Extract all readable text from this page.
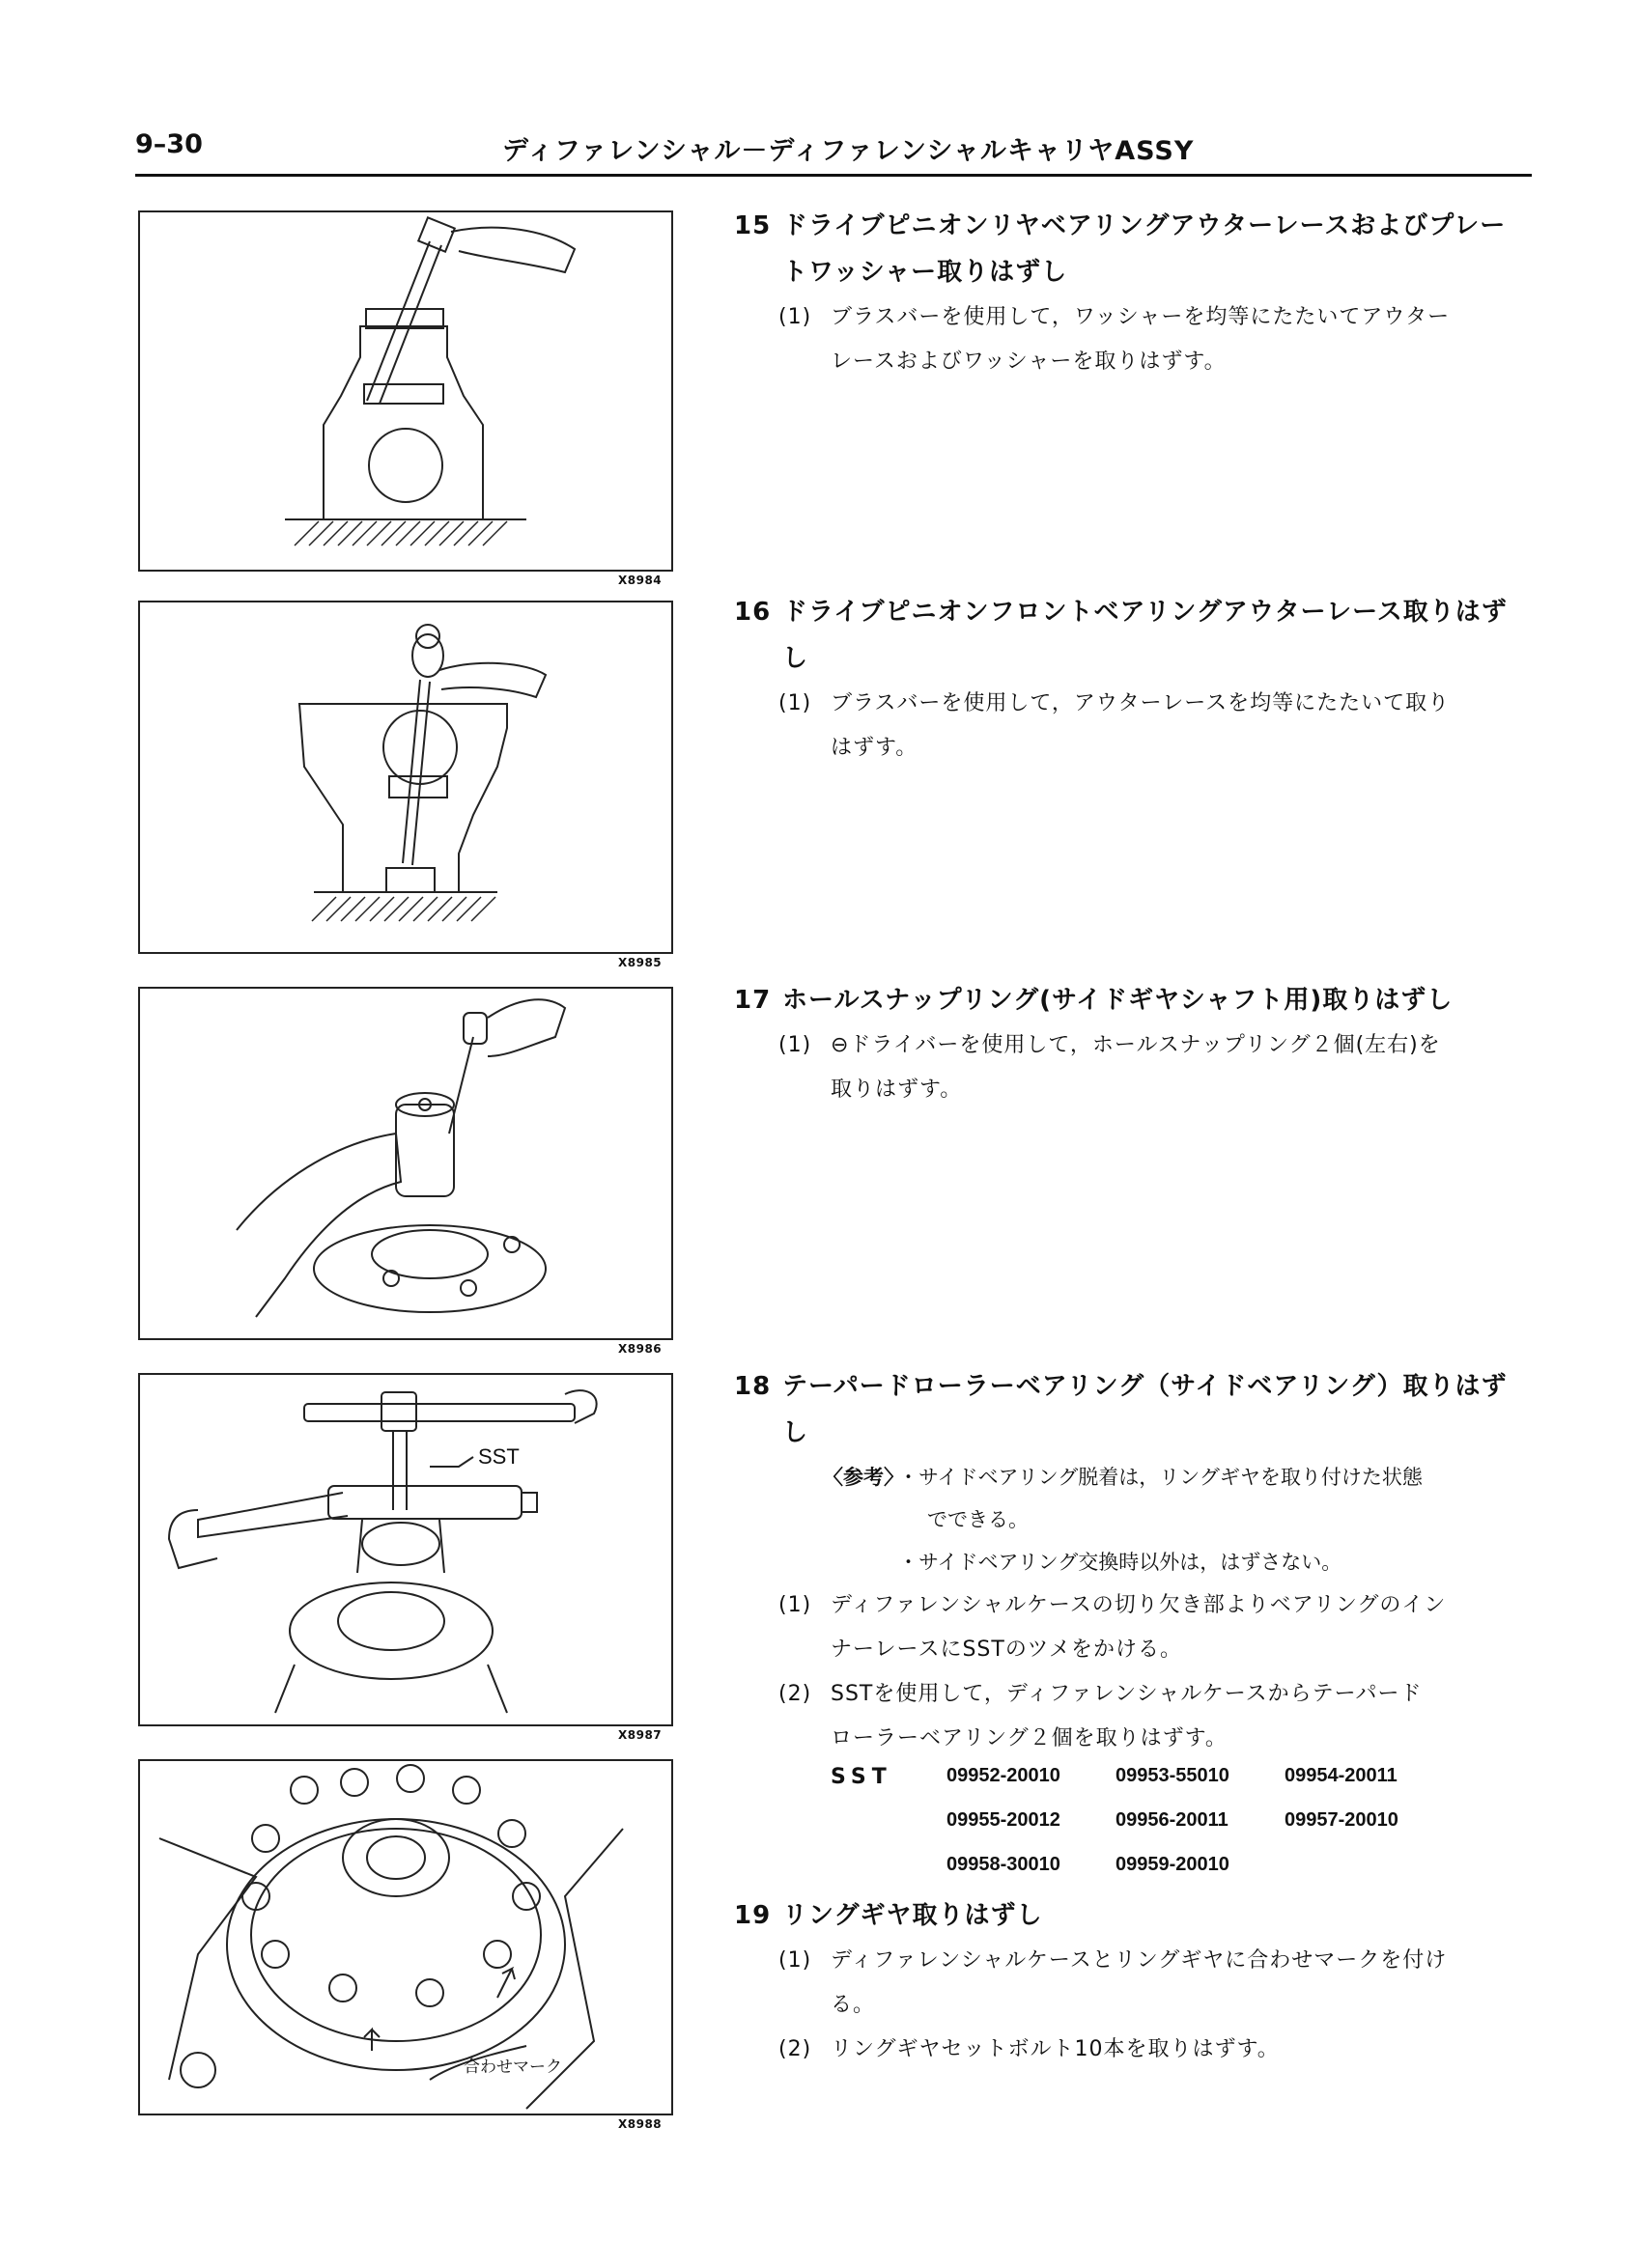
9–30	ディファレンシャル－ディファレンシャルキャリヤASSY
X8984
X8985
X8986
SST
X8987
合わせマーク
X8988
15 ドライブピニオンリヤベアリングアウターレースおよびプレー
トワッシャー取りはずし
(1) ブラスバーを使用して，ワッシャーを均等にたたいてアウター
レースおよびワッシャーを取りはずす。
16 ドライブピニオンフロントベアリングアウターレース取りはず
し
(1) ブラスバーを使用して，アウターレースを均等にたたいて取り
はずす。
17 ホールスナップリング(サイドギヤシャフト用)取りはずし
(1) ⊖ドライバーを使用して，ホールスナップリング２個(左右)を
取りはずす。
18 テーパードローラーベアリング（サイドベアリング）取りはず
し
〈参考〉
・サイドベアリング脱着は，リングギヤを取り付けた状態
でできる。
・サイドベアリング交換時以外は，はずさない。
(1) ディファレンシャルケースの切り欠き部よりベアリングのイン
ナーレースにSSTのツメをかける。
(2) SSTを使用して，ディファレンシャルケースからテーパード
ローラーベアリング２個を取りはずす。
SST	09952-20010	09953-55010	09954-20011
09955-20012	09956-20011	09957-20010
09958-30010	09959-20010
19 リングギヤ取りはずし
(1) ディファレンシャルケースとリングギヤに合わせマークを付け
る。
(2) リングギヤセットボルト10本を取りはずす。
